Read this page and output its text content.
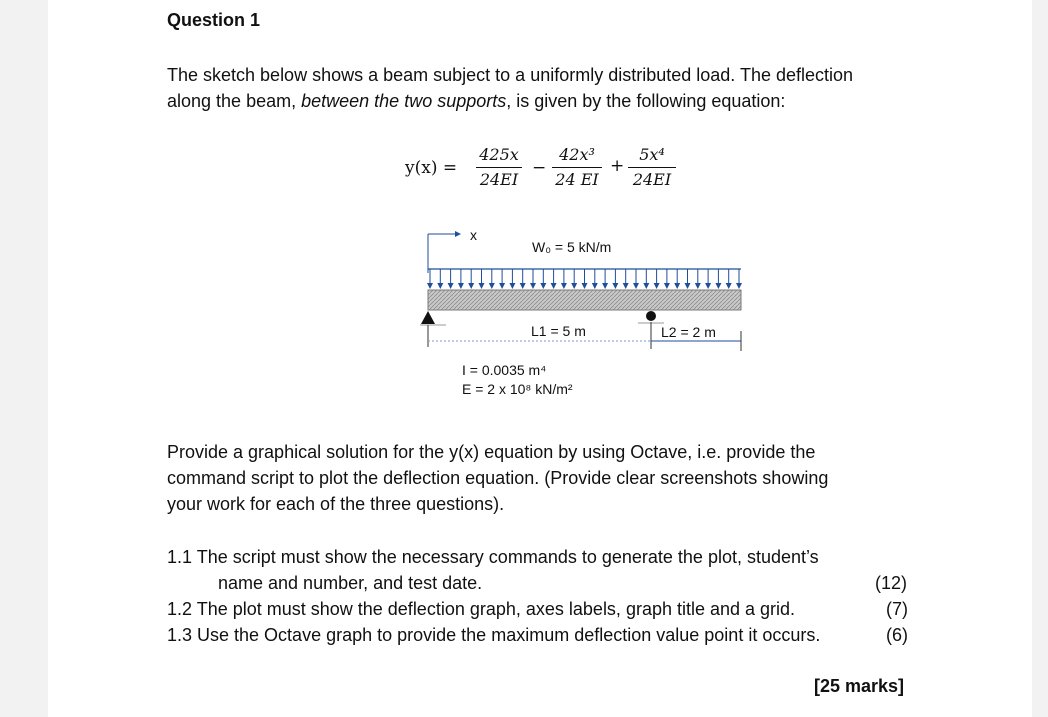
Question 1
The sketch below shows a beam subject to a uniformly distributed load. The deflection
along the beam, between the two supports, is given by the following equation:
y(x) =
425x
24EI
−
42x³
24 EI
+
5x⁴
24EI
x
W₀ = 5 kN/m
L1 = 5 m	L2 = 2 m
I = 0.0035 m⁴
E = 2 x 10⁸ kN/m²
Provide a graphical solution for the y(x) equation by using Octave, i.e. provide the
command script to plot the deflection equation. (Provide clear screenshots showing
your work for each of the three questions).
1.1 The script must show the necessary commands to generate the plot, student’s
name and number, and test date.	(12)
1.2 The plot must show the deflection graph, axes labels, graph title and a grid.	(7)
1.3 Use the Octave graph to provide the maximum deflection value point it occurs.	(6)
[25 marks]
